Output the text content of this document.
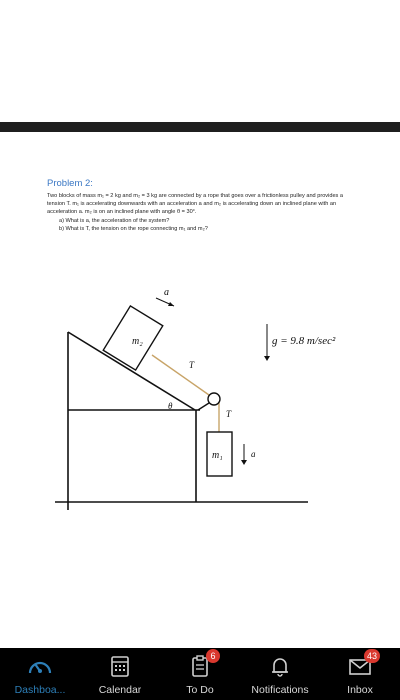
Problem 2:

Two blocks of mass m₁ = 2 kg and m₂ = 3 kg are connected by a rope that goes over a frictionless pulley and provides a tension T. m₁ is accelerating downwards with an acceleration a and m₂ is accelerating down an inclined plane with an acceleration a. m₂ is on an inclined plane with angle θ = 30°.

a) What is a, the acceleration of the system?
b) What is T, the tension on the rope connecting m₁ and m₂?
a
m₂
T
T
θ
m₁	a
g = 9.8 m/sec²
Dashboa...	Calendar
6
To Do	Notifications
43
Inbox
